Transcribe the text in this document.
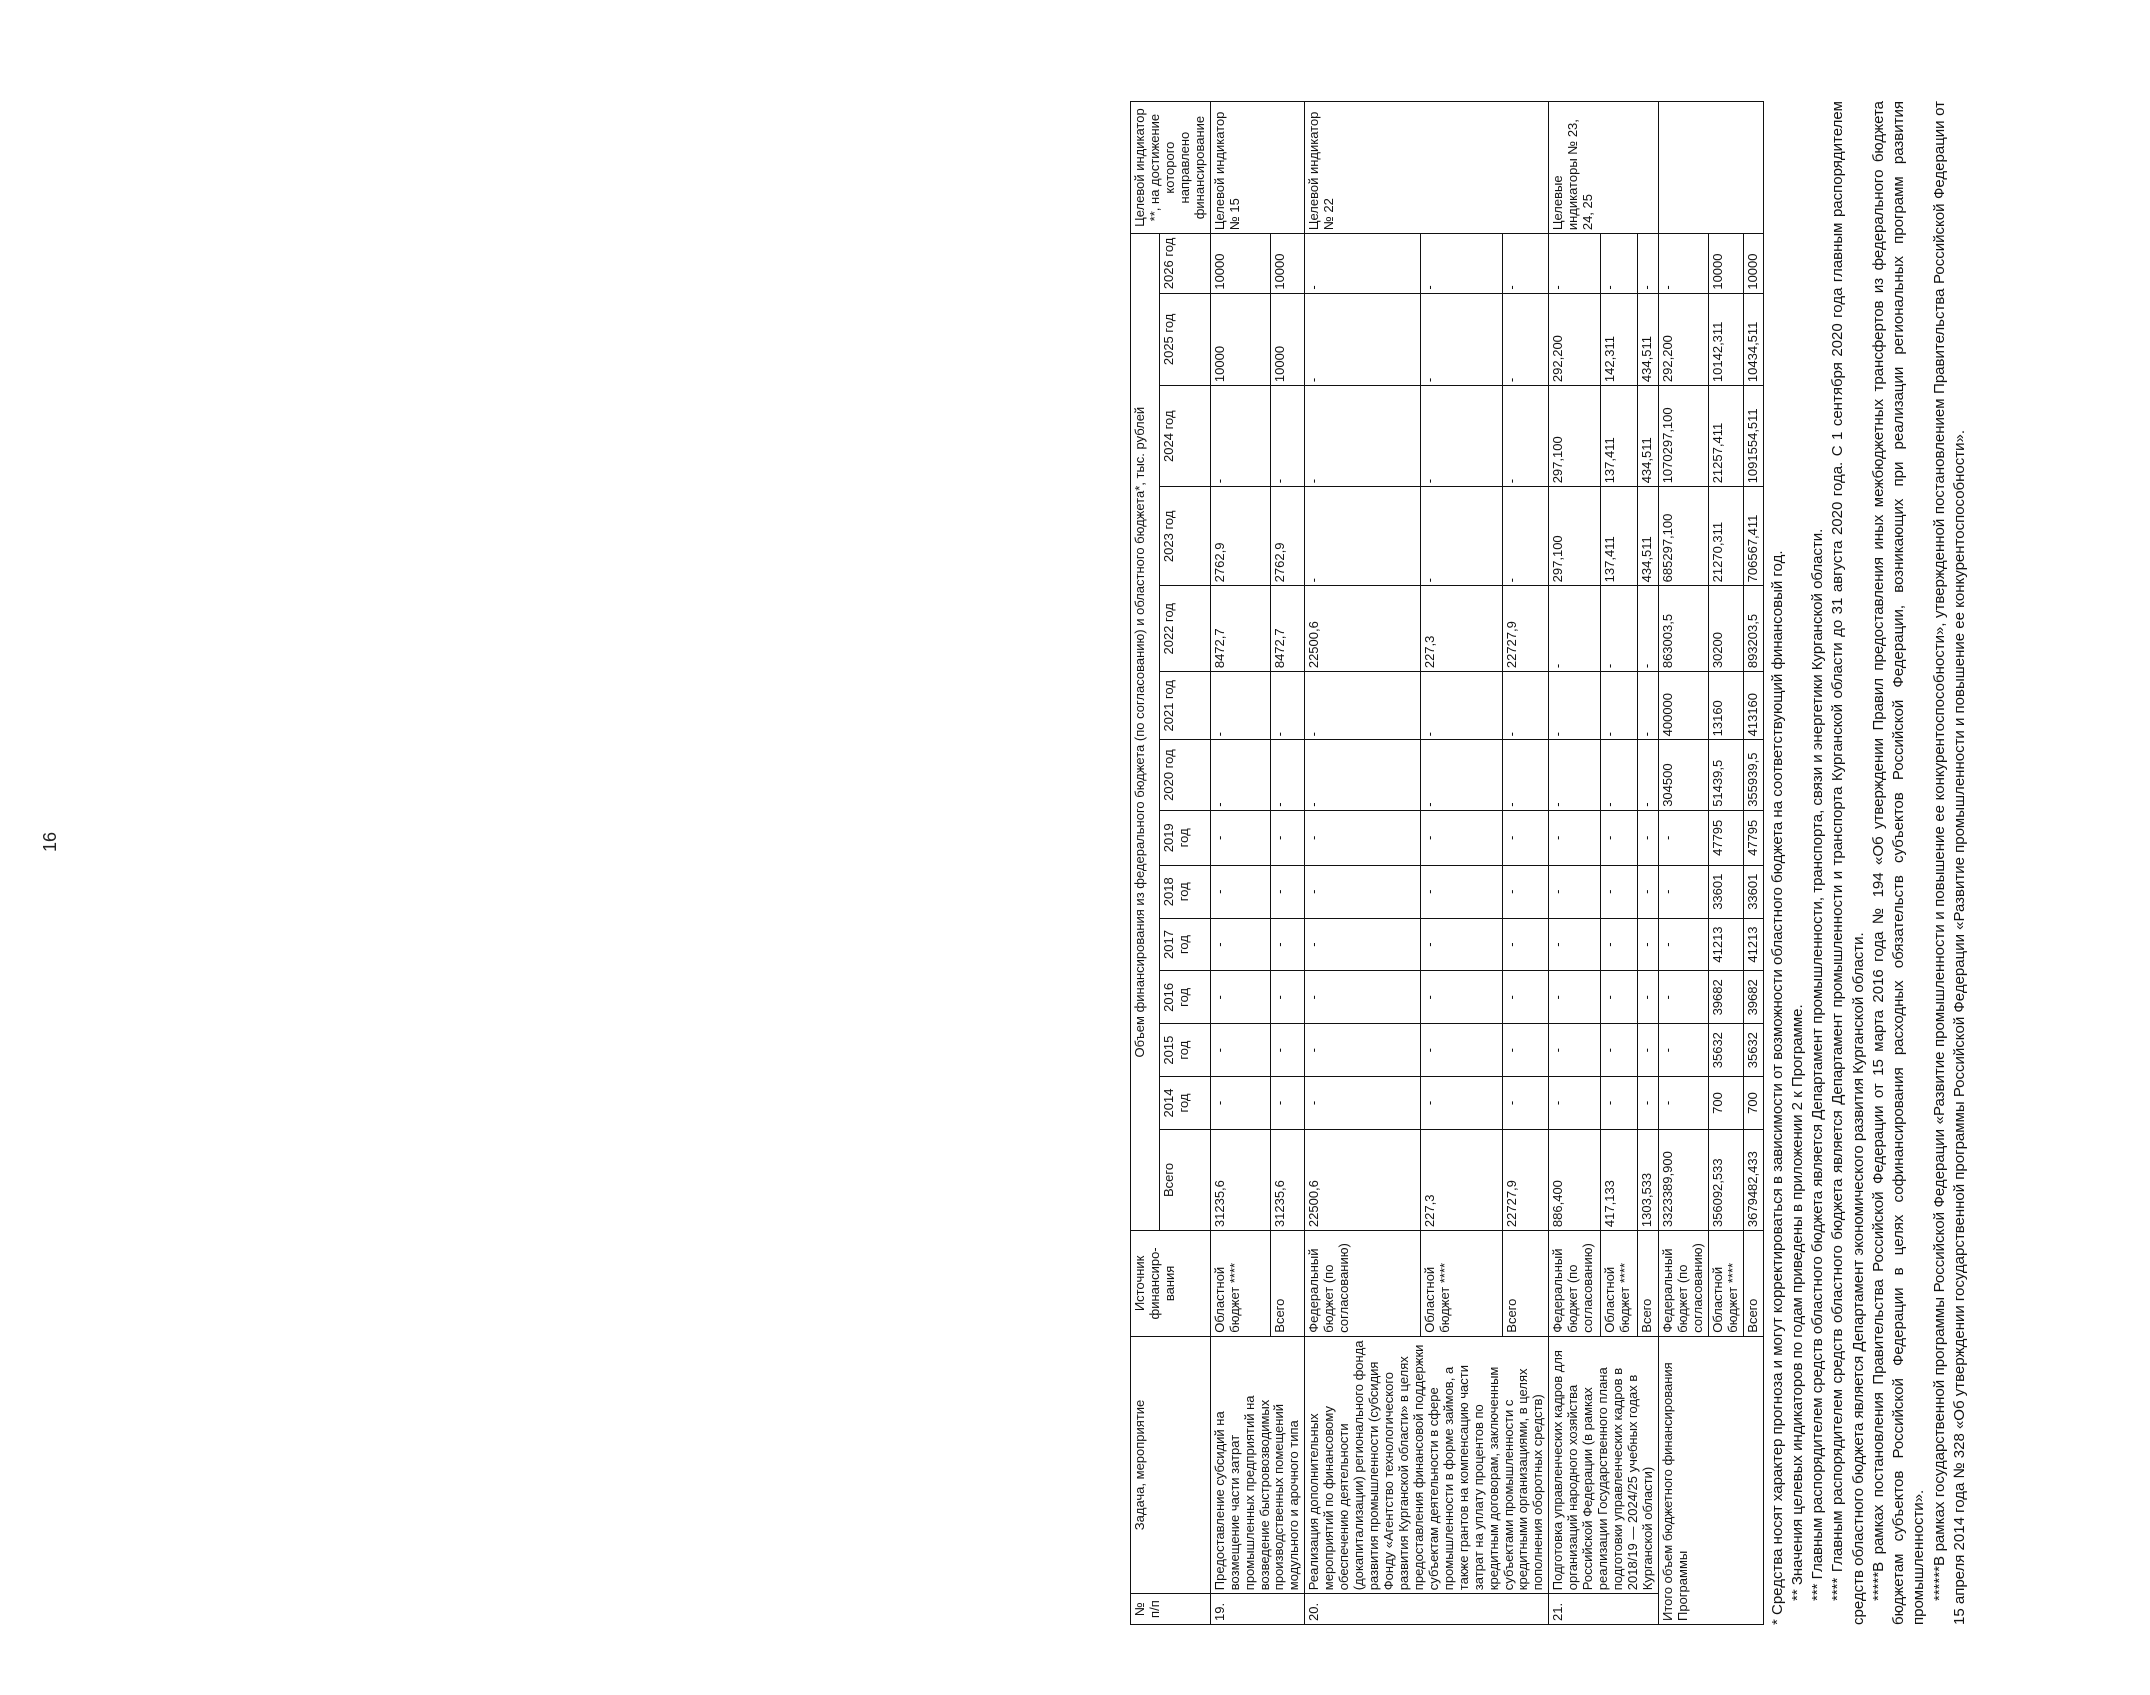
16
№ п/п	Задача, мероприятие	Источник финансиро-вания	Объем финансирования из федерального бюджета (по согласованию) и областного бюджета*, тыс. рублей														Целевой индикатор **, на достижение которого направлено финансирование
			Всего	2014 год	2015 год	2016 год	2017 год	2018 год	2019 год	2020 год	2021 год	2022 год	2023 год	2024 год	2025 год	2026 год	
19.	Предоставление субсидий на возмещение части затрат промышленных предприятий на возведение быстровозводимых производственных помещений модульного и арочного типа	Областной бюджет ****	31235,6	-	-	-	-	-	-	-	-	8472,7	2762,9	-	10000	10000	Целевой индикатор № 15
		Всего	31235,6	-	-	-	-	-	-	-	-	8472,7	2762,9	-	10000	10000	
20.	Реализация дополнительных мероприятий по финансовому обеспечению деятельности (докапитализации) регионального фонда развития промышленности (субсидия Фонду «Агентство технологического развития Курганской области» в целях предоставления финансовой поддержки субъектам деятельности в сфере промышленности в форме займов, а также грантов на компенсацию части затрат на уплату процентов по кредитным договорам, заключенным субъектами промышленности с кредитными организациями, в целях пополнения оборотных средств)	Федеральный бюджет (по согласованию)	22500,6	-	-	-	-	-	-	-	-	22500,6	-	-	-	-	Целевой индикатор № 22
		Областной бюджет ****	227,3	-	-	-	-	-	-	-	-	227,3	-	-	-	-	
		Всего	22727,9	-	-	-	-	-	-	-	-	22727,9	-	-	-	-	
21.	Подготовка управленческих кадров для организаций народного хозяйства Российской Федерации (в рамках реализации Государственного плана подготовки управленческих кадров в 2018/19 — 2024/25 учебных годах в Курганской области)	Федеральный бюджет (по согласованию)	886,400	-	-	-	-	-	-	-	-	-	297,100	297,100	292,200	-	Целевые индикаторы № 23, 24, 25
		Областной бюджет ****	417,133	-	-	-	-	-	-	-	-	-	137,411	137,411	142,311	-	
		Всего	1303,533	-	-	-	-	-	-	-	-	-	434,511	434,511	434,511	-	
Итого объем бюджетного финансирования Программы		Федеральный бюджет (по согласованию)	3323389,900	-	-	-	-	-	-	304500	400000	863003,5	685297,100	1070297,100	292,200	-	
		Областной бюджет ****	356092,533	700	35632	39682	41213	33601	47795	51439,5	13160	30200	21270,311	21257,411	10142,311	10000	
		Всего	3679482,433	700	35632	39682	41213	33601	47795	355939,5	413160	893203,5	706567,411	1091554,511	10434,511	10000	

* Средства носят характер прогноза и могут корректироваться в зависимости от возможности областного бюджета на соответствующий финансовый год. ** Значения целевых индикаторов по годам приведены в приложении 2 к Программе. *** Главным распорядителем средств областного бюджета является Департамент промышленности, транспорта, связи и энергетики Курганской области. **** Главным распорядителем средств областного бюджета является Департамент промышленности и транспорта Курганской области до 31 августа 2020 года. С 1 сентября 2020 года главным распорядителем средств областного бюджета является Департамент экономического развития Курганской области. *****В рамках постановления Правительства Российской Федерации от 15 марта 2016 года № 194 «Об утверждении Правил предоставления иных межбюджетных трансфертов из федерального бюджета бюджетам субъектов Российской Федерации в целях софинансирования расходных обязательств субъектов Российской Федерации, возникающих при реализации региональных программ развития промышленности». ******В рамках государственной программы Российской Федерации «Развитие промышленности и повышение ее конкурентоспособности», утвержденной постановлением Правительства Российской Федерации от 15 апреля 2014 года № 328 «Об утверждении государственной программы Российской Федерации «Развитие промышленности и повышение ее конкурентоспособности».
